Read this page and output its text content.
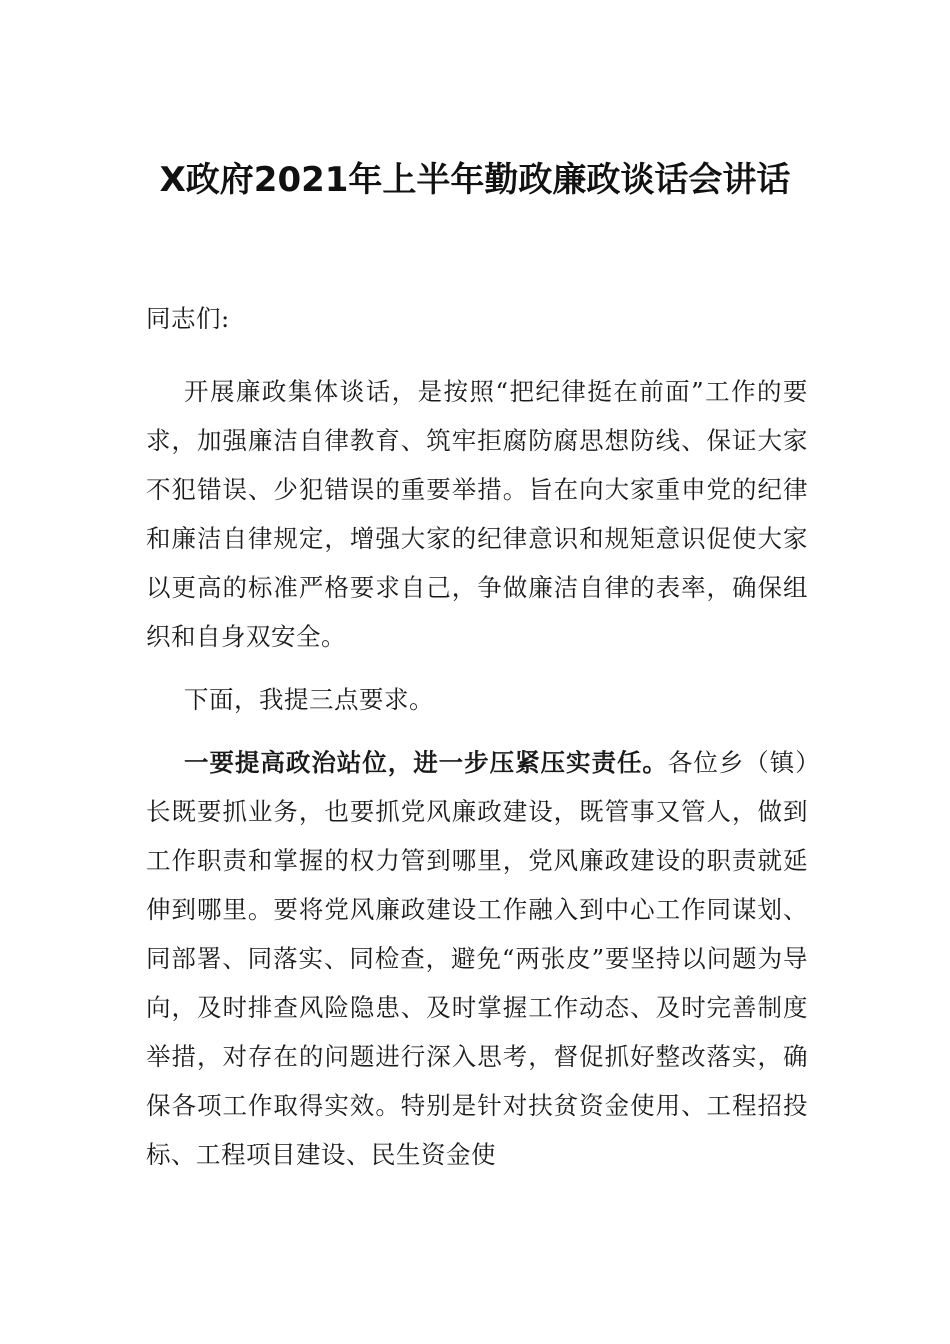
X政府2021年上半年勤政廉政谈话会讲话

同志们:

开展廉政集体谈话，是按照“把纪律挺在前面”工作的要求，加强廉洁自律教育、筑牢拒腐防腐思想防线、保证大家不犯错误、少犯错误的重要举措。旨在向大家重申党的纪律和廉洁自律规定，增强大家的纪律意识和规矩意识促使大家以更高的标准严格要求自己，争做廉洁自律的表率，确保组织和自身双安全。

下面，我提三点要求。

一要提高政治站位，进一步压紧压实责任。各位乡（镇）长既要抓业务，也要抓党风廉政建设，既管事又管人，做到工作职责和掌握的权力管到哪里，党风廉政建设的职责就延伸到哪里。要将党风廉政建设工作融入到中心工作同谋划、同部署、同落实、同检查，避免“两张皮”要坚持以问题为导向，及时排查风险隐患、及时掌握工作动态、及时完善制度举措，对存在的问题进行深入思考，督促抓好整改落实，确保各项工作取得实效。特别是针对扶贫资金使用、工程招投标、工程项目建设、民生资金使
